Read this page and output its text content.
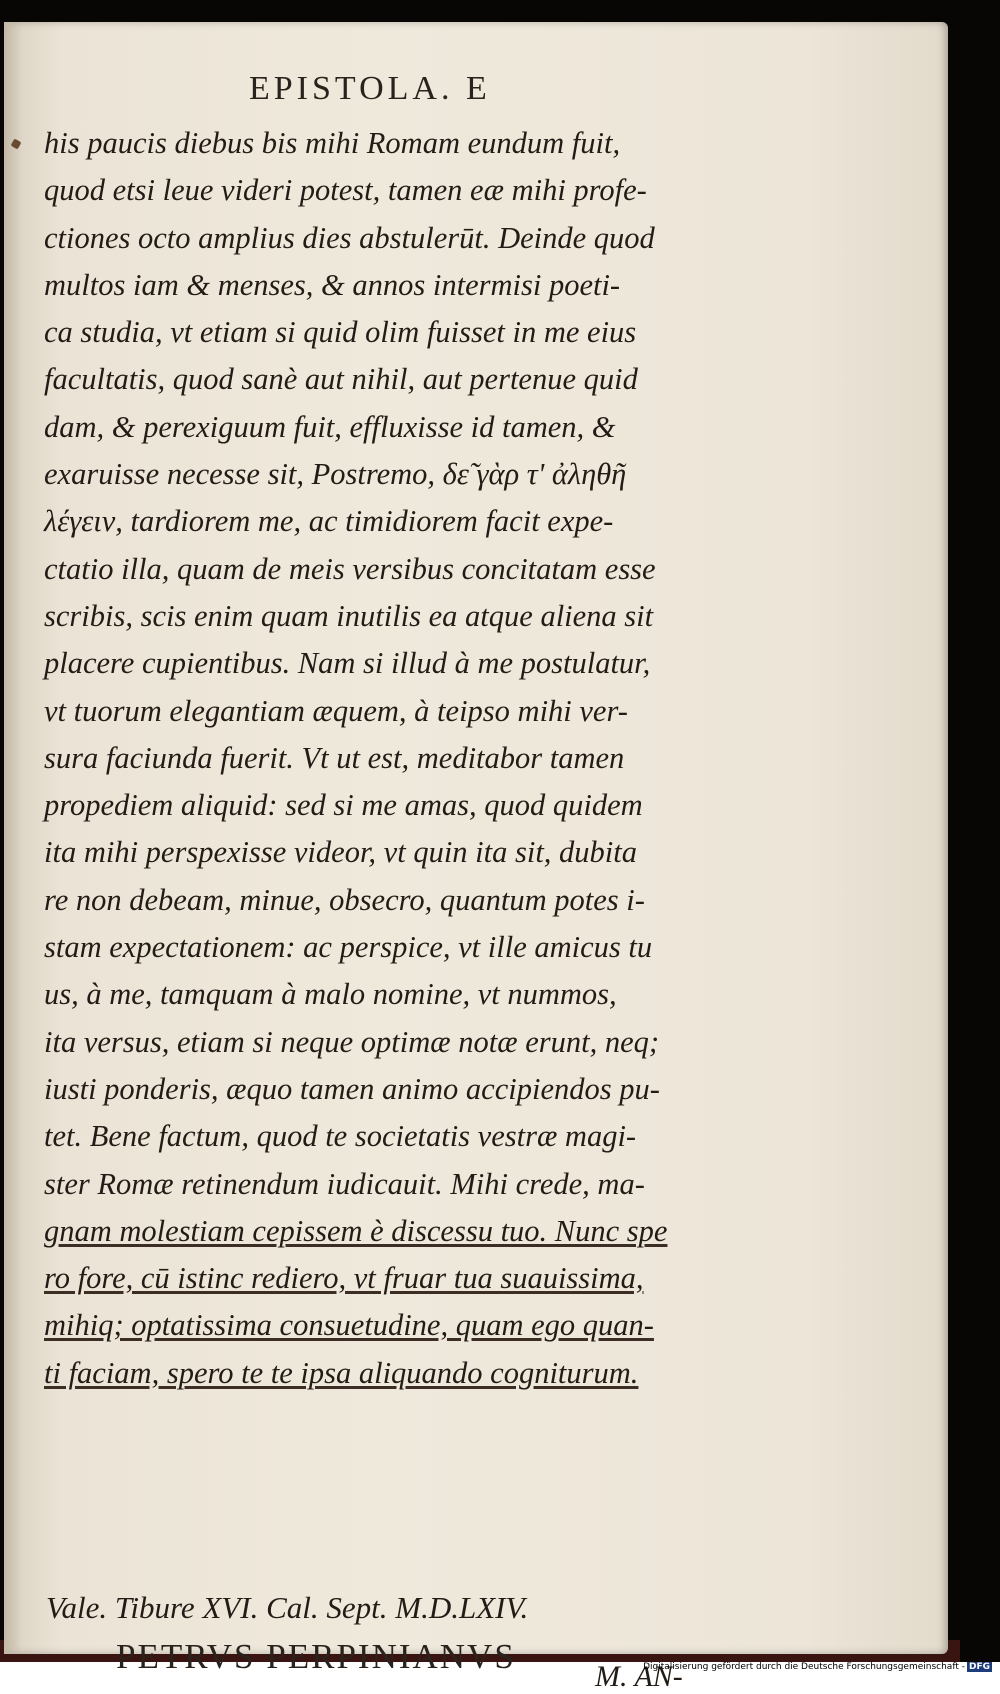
EPISTOLA. E
his paucis diebus bis mihi Romam eundum fuit,
quod etsi leue videri potest, tamen eæ mihi profe-
ctiones octo amplius dies abstulerūt. Deinde quod
multos iam & menses, & annos intermisi poeti-
ca studia, vt etiam si quid olim fuisset in me eius
facultatis, quod sanè aut nihil, aut pertenue quid
dam, & perexiguum fuit, effluxisse id tamen, &
exaruisse necesse sit, Postremo, δε̃ γὰρ τ' ἀληθῆ
λέγειν, tardiorem me, ac timidiorem facit expe-
ctatio illa, quam de meis versibus concitatam esse
scribis, scis enim quam inutilis ea atque aliena sit
placere cupientibus. Nam si illud à me postulatur,
vt tuorum elegantiam æquem, à teipso mihi ver-
sura faciunda fuerit. Vt ut est, meditabor tamen
propediem aliquid: sed si me amas, quod quidem
ita mihi perspexisse videor, vt quin ita sit, dubita
re non debeam, minue, obsecro, quantum potes i-
stam expectationem: ac perspice, vt ille amicus tu
us, à me, tamquam à malo nomine, vt nummos,
ita versus, etiam si neque optimæ notæ erunt, neq;
iusti ponderis, æquo tamen animo accipiendos pu-
tet. Bene factum, quod te societatis vestræ magi-
ster Romæ retinendum iudicauit. Mihi crede, ma-
gnam molestiam cepissem è discessu tuo. Nunc spe
ro fore, cū istinc rediero, vt fruar tua suauissima,
mihiq; optatissima consuetudine, quam ego quan-
ti faciam, spero te te ipsa aliquando cogniturum.
Vale. Tibure XVI. Cal. Sept. M.D.LXIV.
PETRVS PERPINIANVS
M. AN-
Digitalisierung gefördert durch die Deutsche Forschungsgemeinschaft - DFG
